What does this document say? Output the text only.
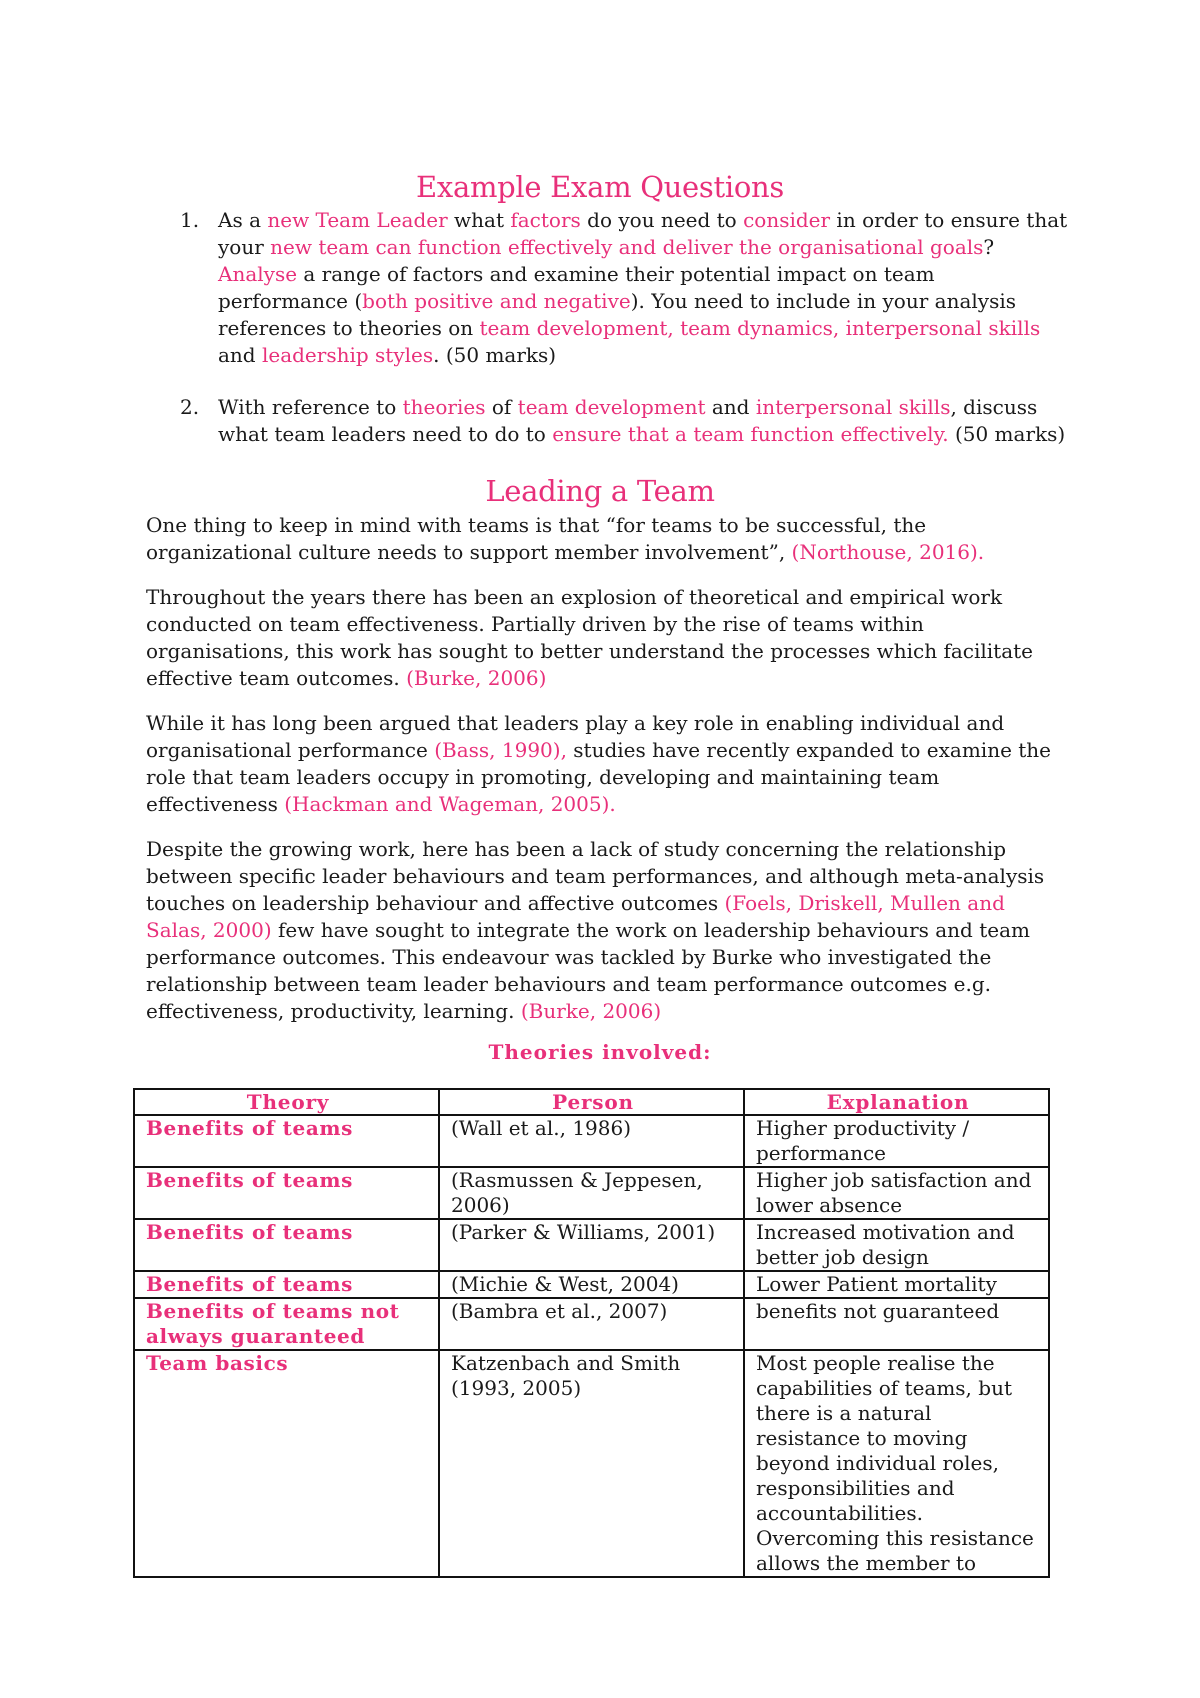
Example Exam Questions
1. As a new Team Leader what factors do you need to consider in order to ensure that your new team can function effectively and deliver the organisational goals? Analyse a range of factors and examine their potential impact on team performance (both positive and negative). You need to include in your analysis references to theories on team development, team dynamics, interpersonal skills and leadership styles. (50 marks)
2. With reference to theories of team development and interpersonal skills, discuss what team leaders need to do to ensure that a team function effectively. (50 marks)
Leading a Team

One thing to keep in mind with teams is that “for teams to be successful, the organizational culture needs to support member involvement”, (Northouse, 2016).

Throughout the years there has been an explosion of theoretical and empirical work conducted on team effectiveness. Partially driven by the rise of teams within organisations, this work has sought to better understand the processes which facilitate effective team outcomes. (Burke, 2006)

While it has long been argued that leaders play a key role in enabling individual and organisational performance (Bass, 1990), studies have recently expanded to examine the role that team leaders occupy in promoting, developing and maintaining team effectiveness (Hackman and Wageman, 2005).

Despite the growing work, here has been a lack of study concerning the relationship between specific leader behaviours and team performances, and although meta-analysis touches on leadership behaviour and affective outcomes (Foels, Driskell, Mullen and Salas, 2000) few have sought to integrate the work on leadership behaviours and team performance outcomes. This endeavour was tackled by Burke who investigated the relationship between team leader behaviours and team performance outcomes e.g. effectiveness, productivity, learning. (Burke, 2006)

Theories involved:
Theory	Person	Explanation
Benefits of teams	(Wall et al., 1986)	Higher productivity / performance
Benefits of teams	(Rasmussen & Jeppesen, 2006)	Higher job satisfaction and lower absence
Benefits of teams	(Parker & Williams, 2001)	Increased motivation and better job design
Benefits of teams	(Michie & West, 2004)	Lower Patient mortality
Benefits of teams not always guaranteed	(Bambra et al., 2007)	benefits not guaranteed
Team basics	Katzenbach and Smith (1993, 2005)	Most people realise the capabilities of teams, but there is a natural resistance to moving beyond individual roles, responsibilities and accountabilities. Overcoming this resistance allows the member to
